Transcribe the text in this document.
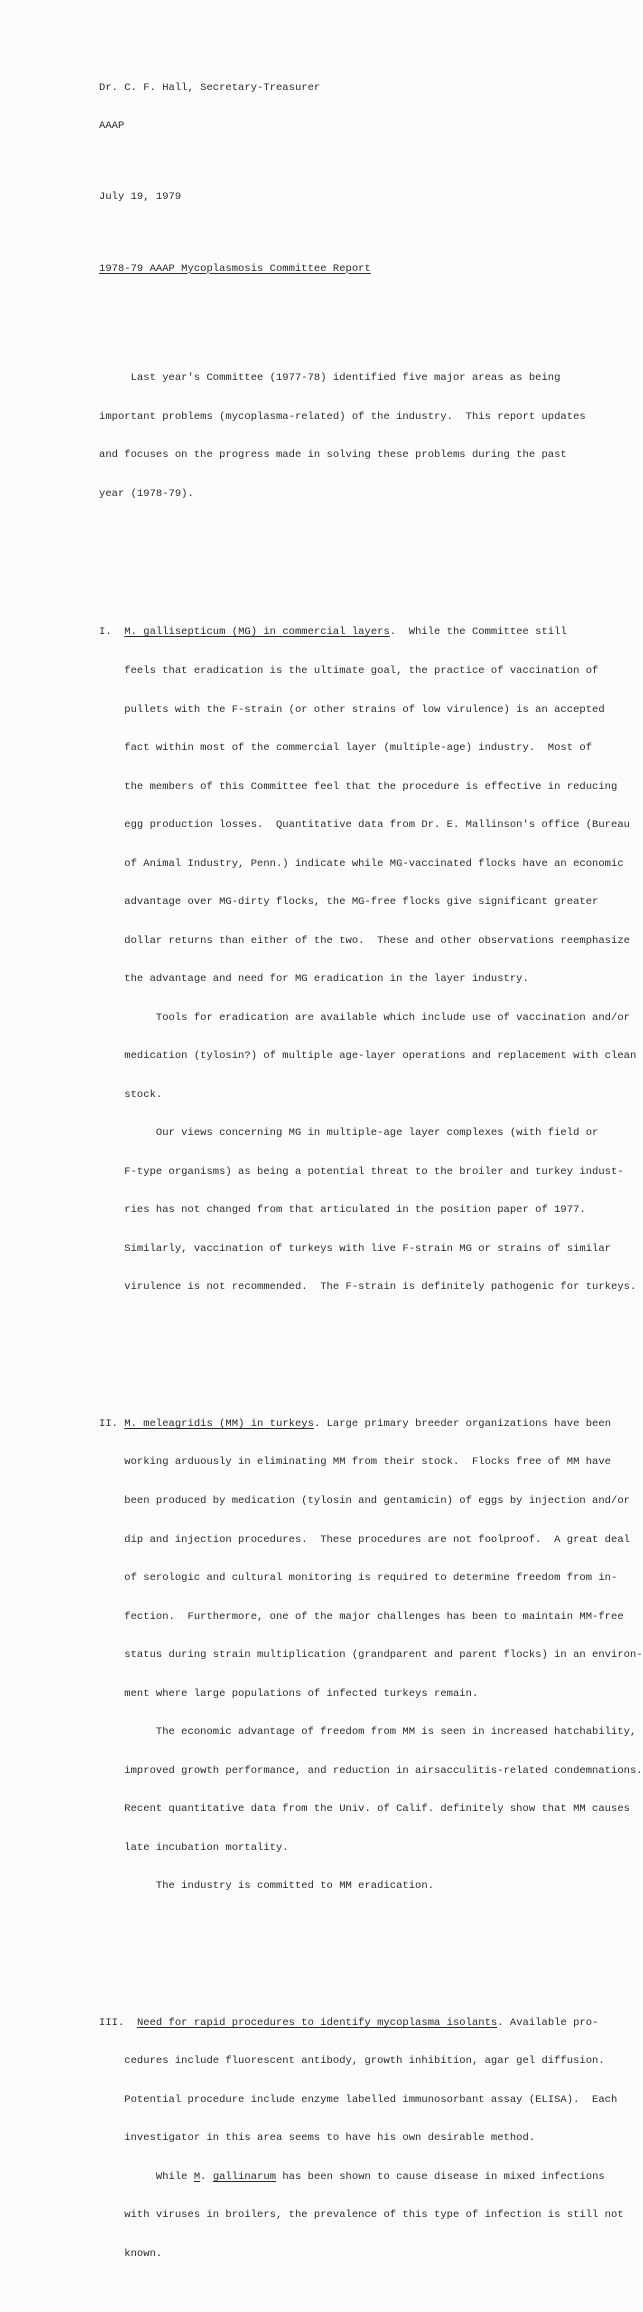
Dr. C. F. Hall, Secretary-Treasurer

AAAP

July 19, 1979

1978-79 AAAP Mycoplasmosis Committee Report

Last year's Committee (1977-78) identified five major areas as being

important problems (mycoplasma-related) of the industry.  This report updates

and focuses on the progress made in solving these problems during the past

year (1978-79).

I.  M. gallisepticum (MG) in commercial layers.  While the Committee still

feels that eradication is the ultimate goal, the practice of vaccination of

pullets with the F-strain (or other strains of low virulence) is an accepted

fact within most of the commercial layer (multiple-age) industry.  Most of

the members of this Committee feel that the procedure is effective in reducing

egg production losses.  Quantitative data from Dr. E. Mallinson's office (Bureau

of Animal Industry, Penn.) indicate while MG-vaccinated flocks have an economic

advantage over MG-dirty flocks, the MG-free flocks give significant greater

dollar returns than either of the two.  These and other observations reemphasize

the advantage and need for MG eradication in the layer industry.

Tools for eradication are available which include use of vaccination and/or

medication (tylosin?) of multiple age-layer operations and replacement with clean

stock.

Our views concerning MG in multiple-age layer complexes (with field or

F-type organisms) as being a potential threat to the broiler and turkey indust-

ries has not changed from that articulated in the position paper of 1977.

Similarly, vaccination of turkeys with live F-strain MG or strains of similar

virulence is not recommended.  The F-strain is definitely pathogenic for turkeys.

II. M. meleagridis (MM) in turkeys. Large primary breeder organizations have been

working arduously in eliminating MM from their stock.  Flocks free of MM have

been produced by medication (tylosin and gentamicin) of eggs by injection and/or

dip and injection procedures.  These procedures are not foolproof.  A great deal

of serologic and cultural monitoring is required to determine freedom from in-

fection.  Furthermore, one of the major challenges has been to maintain MM-free

status during strain multiplication (grandparent and parent flocks) in an environ-

ment where large populations of infected turkeys remain.

The economic advantage of freedom from MM is seen in increased hatchability,

improved growth performance, and reduction in airsacculitis-related condemnations.

Recent quantitative data from the Univ. of Calif. definitely show that MM causes

late incubation mortality.

The industry is committed to MM eradication.

III.  Need for rapid procedures to identify mycoplasma isolants. Available pro-

cedures include fluorescent antibody, growth inhibition, agar gel diffusion.

Potential procedure include enzyme labelled immunosorbant assay (ELISA).  Each

investigator in this area seems to have his own desirable method.

While M. gallinarum has been shown to cause disease in mixed infections

with viruses in broilers, the prevalence of this type of infection is still not

known.
